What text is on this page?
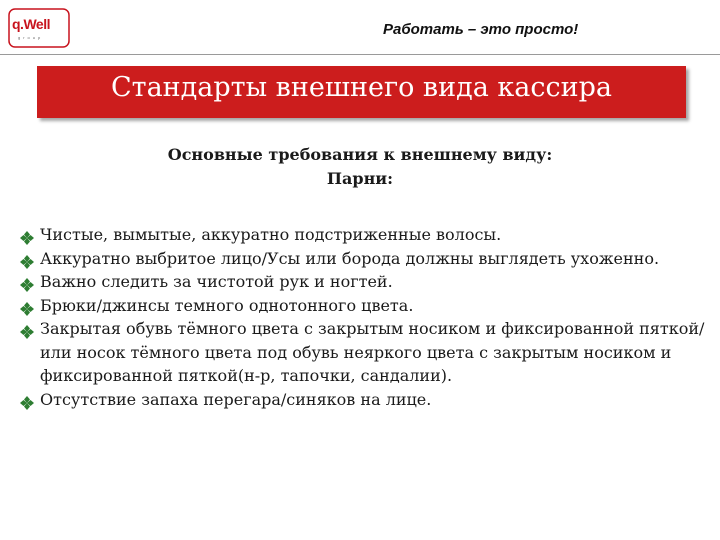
q.Well
group	Работать – это просто!
Стандарты внешнего вида кассира
Основные требования к внешнему виду:
Парни:
Чистые, вымытые, аккуратно подстриженные волосы.
Аккуратно выбритое лицо/Усы или борода должны выглядеть ухоженно.
Важно следить за чистотой рук и ногтей.
Брюки/джинсы темного однотонного цвета.
Закрытая обувь тёмного цвета с закрытым носиком и фиксированной пяткой/или носок тёмного цвета под обувь неяркого цвета с закрытым носиком и фиксированной пяткой(н-р, тапочки, сандалии).
Отсутствие запаха перегара/синяков на лице.
